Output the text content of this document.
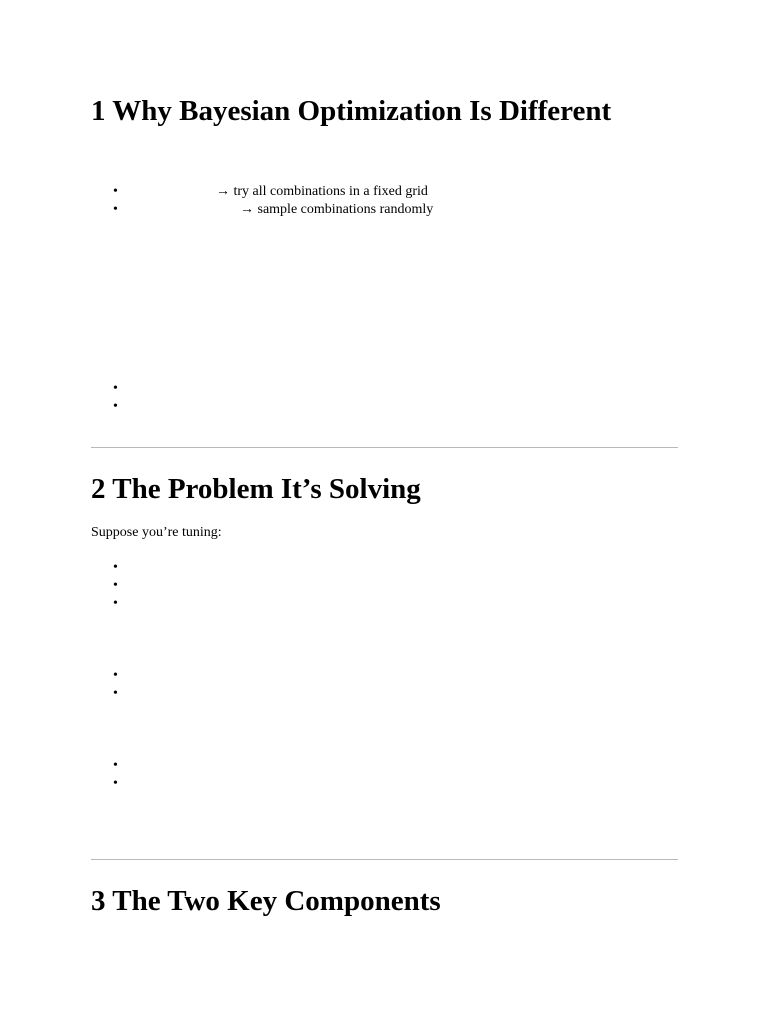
1 Why Bayesian Optimization Is Different
•	→ try all combinations in a fixed grid
•	→ sample combinations randomly
•
•
2 The Problem It’s Solving

Suppose you’re tuning:

•
•
•
•
•
•
•
3 The Two Key Components
